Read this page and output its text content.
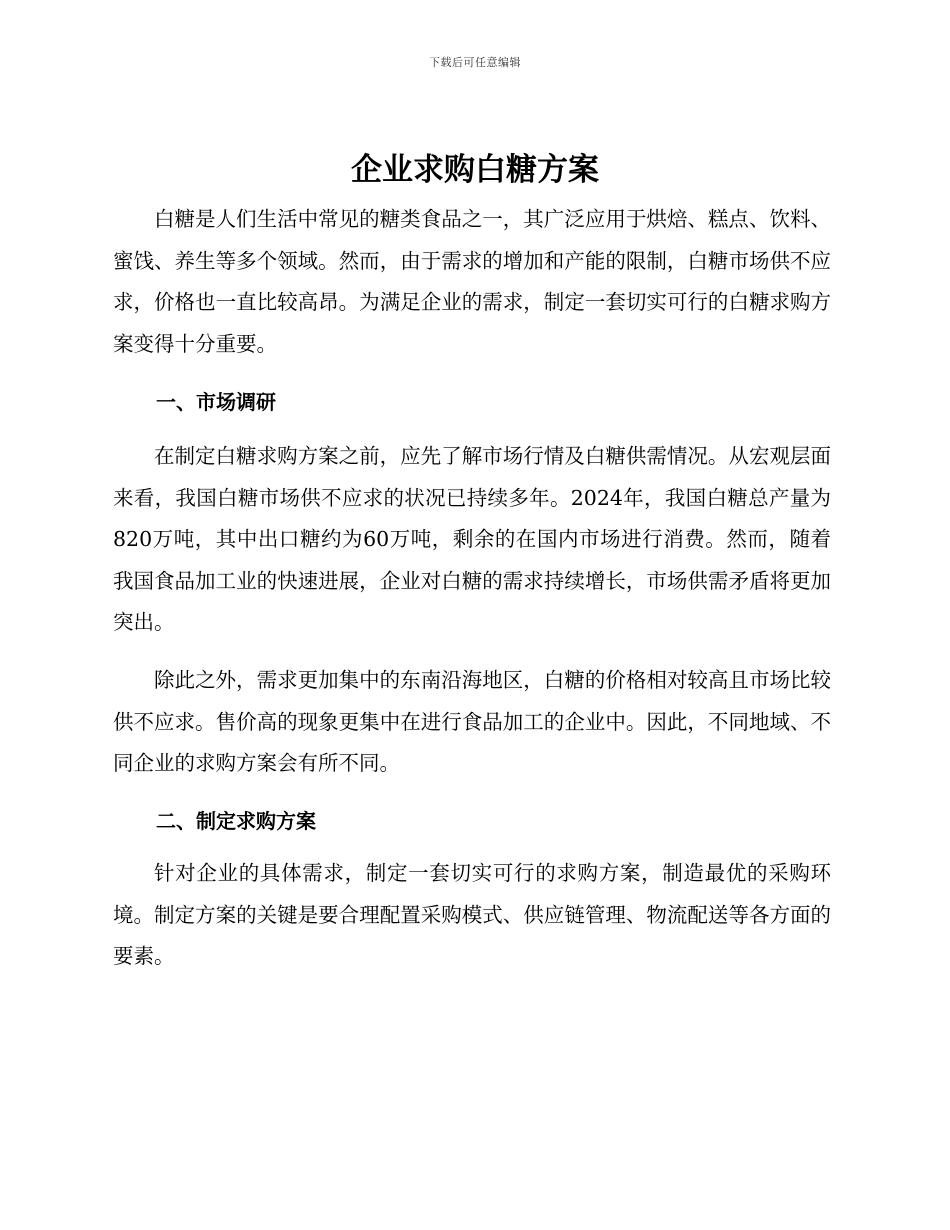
下载后可任意编辑
企业求购白糖方案

白糖是人们生活中常见的糖类食品之一，其广泛应用于烘焙、糕点、饮料、蜜饯、养生等多个领域。然而，由于需求的增加和产能的限制，白糖市场供不应求，价格也一直比较高昂。为满足企业的需求，制定一套切实可行的白糖求购方案变得十分重要。

一、市场调研

在制定白糖求购方案之前，应先了解市场行情及白糖供需情况。从宏观层面来看，我国白糖市场供不应求的状况已持续多年。2024年，我国白糖总产量为820万吨，其中出口糖约为60万吨，剩余的在国内市场进行消费。然而，随着我国食品加工业的快速进展，企业对白糖的需求持续增长，市场供需矛盾将更加突出。

除此之外，需求更加集中的东南沿海地区，白糖的价格相对较高且市场比较供不应求。售价高的现象更集中在进行食品加工的企业中。因此，不同地域、不同企业的求购方案会有所不同。

二、制定求购方案

针对企业的具体需求，制定一套切实可行的求购方案，制造最优的采购环境。制定方案的关键是要合理配置采购模式、供应链管理、物流配送等各方面的要素。
